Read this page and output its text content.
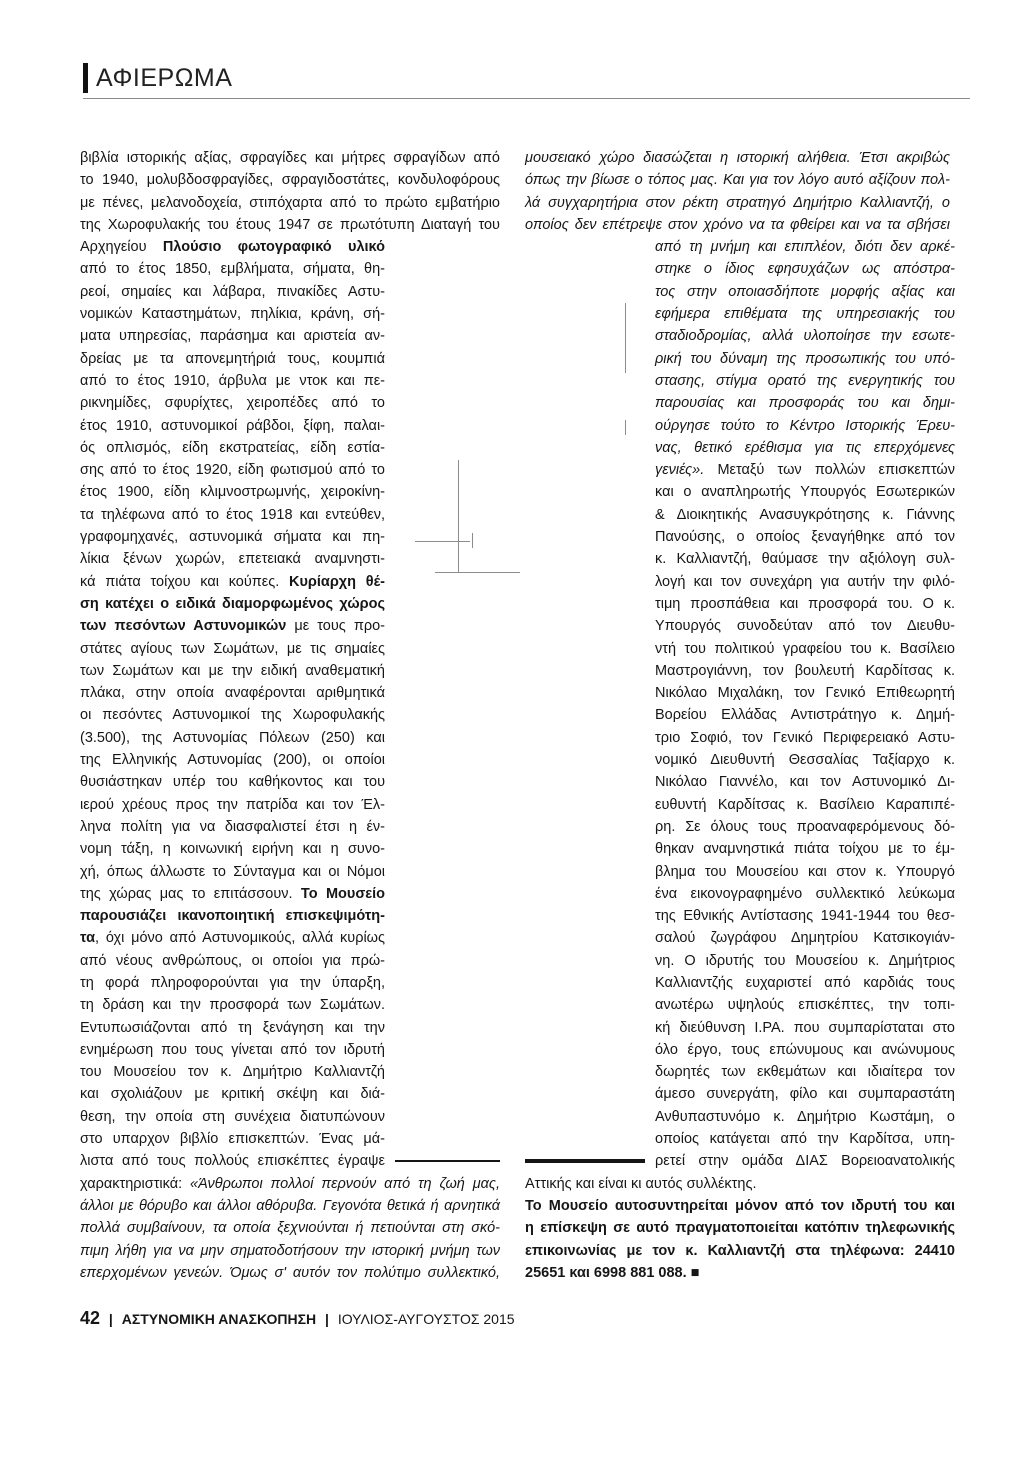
ΑΦΙΕΡΩΜΑ
βιβλία ιστορικής αξίας, σφραγίδες και μήτρες σφραγίδων από
το 1940, μολυβδοσφραγίδες, σφραγιδοστάτες, κονδυλοφόρους
με πένες, μελανοδοχεία, στιπόχαρτα από το πρώτο εμβατήριο
της Χωροφυλακής του έτους 1947 σε πρωτότυπη Διαταγή του
Αρχηγείου Πλούσιο φωτογραφικό υλικό
από το έτος 1850, εμβλήματα, σήματα, θη-
ρεοί, σημαίες και λάβαρα, πινακίδες Αστυ-
νομικών Καταστημάτων, πηλίκια, κράνη, σή-
ματα υπηρεσίας, παράσημα και αριστεία αν-
δρείας με τα απονεμητήριά τους, κουμπιά
από το έτος 1910, άρβυλα με ντοκ και πε-
ρικνημίδες, σφυρίχτες, χειροπέδες από το
έτος 1910, αστυνομικοί ράβδοι, ξίφη, παλαι-
ός οπλισμός, είδη εκστρατείας, είδη εστία-
σης από το έτος 1920, είδη φωτισμού από το
έτος 1900, είδη κλιμνοστρωμνής, χειροκίνη-
τα τηλέφωνα από το έτος 1918 και εντεύθεν,
γραφομηχανές, αστυνομικά σήματα και πη-
λίκια ξένων χωρών, επετειακά αναμνηστι-
κά πιάτα τοίχου και κούπες. Κυρίαρχη θέ-
ση κατέχει ο ειδικά διαμορφωμένος χώρος
των πεσόντων Αστυνομικών με τους προ-
στάτες αγίους των Σωμάτων, με τις σημαίες
των Σωμάτων και με την ειδική αναθεματική
πλάκα, στην οποία αναφέρονται αριθμητικά
οι πεσόντες Αστυνομικοί της Χωροφυλακής
(3.500), της Αστυνομίας Πόλεων (250) και
της Ελληνικής Αστυνομίας (200), οι οποίοι
θυσιάστηκαν υπέρ του καθήκοντος και του
ιερού χρέους προς την πατρίδα και τον Έλ-
ληνα πολίτη για να διασφαλιστεί έτσι η έν-
νομη τάξη, η κοινωνική ειρήνη και η συνο-
χή, όπως άλλωστε το Σύνταγμα και οι Νόμοι
της χώρας μας το επιτάσσουν. Το Μουσείο
παρουσιάζει ικανοποιητική επισκεψιμότη-
τα, όχι μόνο από Αστυνομικούς, αλλά κυρίως
από νέους ανθρώπους, οι οποίοι για πρώ-
τη φορά πληροφορούνται για την ύπαρξη,
τη δράση και την προσφορά των Σωμάτων.
Εντυπωσιάζονται από τη ξενάγηση και την
ενημέρωση που τους γίνεται από τον ιδρυτή
του Μουσείου τον κ. Δημήτριο Καλλιαντζή
και σχολιάζουν με κριτική σκέψη και διά-
θεση, την οποία στη συνέχεια διατυπώνουν
στο υπαρχον βιβλίο επισκεπτών. Ένας μά-
λιστα από τους πολλούς επισκέπτες έγραψε
χαρακτηριστικά: «Άνθρωποι πολλοί περνούν από τη ζωή μας,
άλλοι με θόρυβο και άλλοι αθόρυβα. Γεγονότα θετικά ή αρνητικά
πολλά συμβαίνουν, τα οποία ξεχνιούνται ή πετιούνται στη σκό-
πιμη λήθη για να μην σηματοδοτήσουν την ιστορική μνήμη των
επερχομένων γενεών. Όμως σ' αυτόν τον πολύτιμο συλλεκτικό,
μουσειακό χώρο διασώζεται η ιστορική αλήθεια. Έτσι ακριβώς
όπως την βίωσε ο τόπος μας. Και για τον λόγο αυτό αξίζουν πολ-
λά συγχαρητήρια στον ρέκτη στρατηγό Δημήτριο Καλλιαντζή, ο
οποίος δεν επέτρεψε στον χρόνο να τα φθείρει και να τα σβήσει
από τη μνήμη και επιπλέον, διότι δεν αρκέ-
στηκε ο ίδιος εφησυχάζων ως απόστρα-
τος στην οποιασδήποτε μορφής αξίας και
εφήμερα επιθέματα της υπηρεσιακής του
σταδιοδρομίας, αλλά υλοποίησε την εσωτε-
ρική του δύναμη της προσωπικής του υπό-
στασης, στίγμα ορατό της ενεργητικής του
παρουσίας και προσφοράς του και δημι-
ούργησε τούτο το Κέντρο Ιστορικής Έρευ-
νας, θετικό ερέθισμα για τις επερχόμενες
γενιές». Μεταξύ των πολλών επισκεπτών
και ο αναπληρωτής Υπουργός Εσωτερικών
& Διοικητικής Ανασυγκρότησης κ. Γιάννης
Πανούσης, ο οποίος ξεναγήθηκε από τον
κ. Καλλιαντζή, θαύμασε την αξιόλογη συλ-
λογή και τον συνεχάρη για αυτήν την φιλό-
τιμη προσπάθεια και προσφορά του. Ο κ.
Υπουργός συνοδεύταν από τον Διευθυ-
ντή του πολιτικού γραφείου του κ. Βασίλειο
Μαστρογιάννη, τον βουλευτή Καρδίτσας κ.
Νικόλαο Μιχαλάκη, τον Γενικό Επιθεωρητή
Βορείου Ελλάδας Αντιστράτηγο κ. Δημή-
τριο Σοφιό, τον Γενικό Περιφερειακό Αστυ-
νομικό Διευθυντή Θεσσαλίας Ταξίαρχο κ.
Νικόλαο Γιαννέλο, και τον Αστυνομικό Δι-
ευθυντή Καρδίτσας κ. Βασίλειο Καραπιπέ-
ρη. Σε όλους τους προαναφερόμενους δό-
θηκαν αναμνηστικά πιάτα τοίχου με το έμ-
βλημα του Μουσείου και στον κ. Υπουργό
ένα εικονογραφημένο συλλεκτικό λεύκωμα
της Εθνικής Αντίστασης 1941-1944 του θεσ-
σαλού ζωγράφου Δημητρίου Κατσικογιάν-
νη. Ο ιδρυτής του Μουσείου κ. Δημήτριος
Καλλιαντζής ευχαριστεί από καρδιάς τους
ανωτέρω υψηλούς επισκέπτες, την τοπι-
κή διεύθυνση Ι.ΡΑ. που συμπαρίσταται στο
όλο έργο, τους επώνυμους και ανώνυμους
δωρητές των εκθεμάτων και ιδιαίτερα τον
άμεσο συνεργάτη, φίλο και συμπαραστάτη
Ανθυπαστυνόμο κ. Δημήτριο Κωστάμη, ο
οποίος κατάγεται από την Καρδίτσα, υπη-
ρετεί στην ομάδα ΔΙΑΣ Βορειοανατολικής
Αττικής και είναι κι αυτός συλλέκτης.
Το Μουσείο αυτοσυντηρείται μόνον από τον ιδρυτή του και
η επίσκεψη σε αυτό πραγματοποιείται κατόπιν τηλεφωνικής
επικοινωνίας με τον κ. Καλλιαντζή στα τηλέφωνα: 24410
25651 και 6998 881 088. ■
42 | ΑΣΤΥΝΟΜΙΚΗ ΑΝΑΣΚΟΠΗΣΗ | ΙΟΥΛΙΟΣ-ΑΥΓΟΥΣΤΟΣ 2015
